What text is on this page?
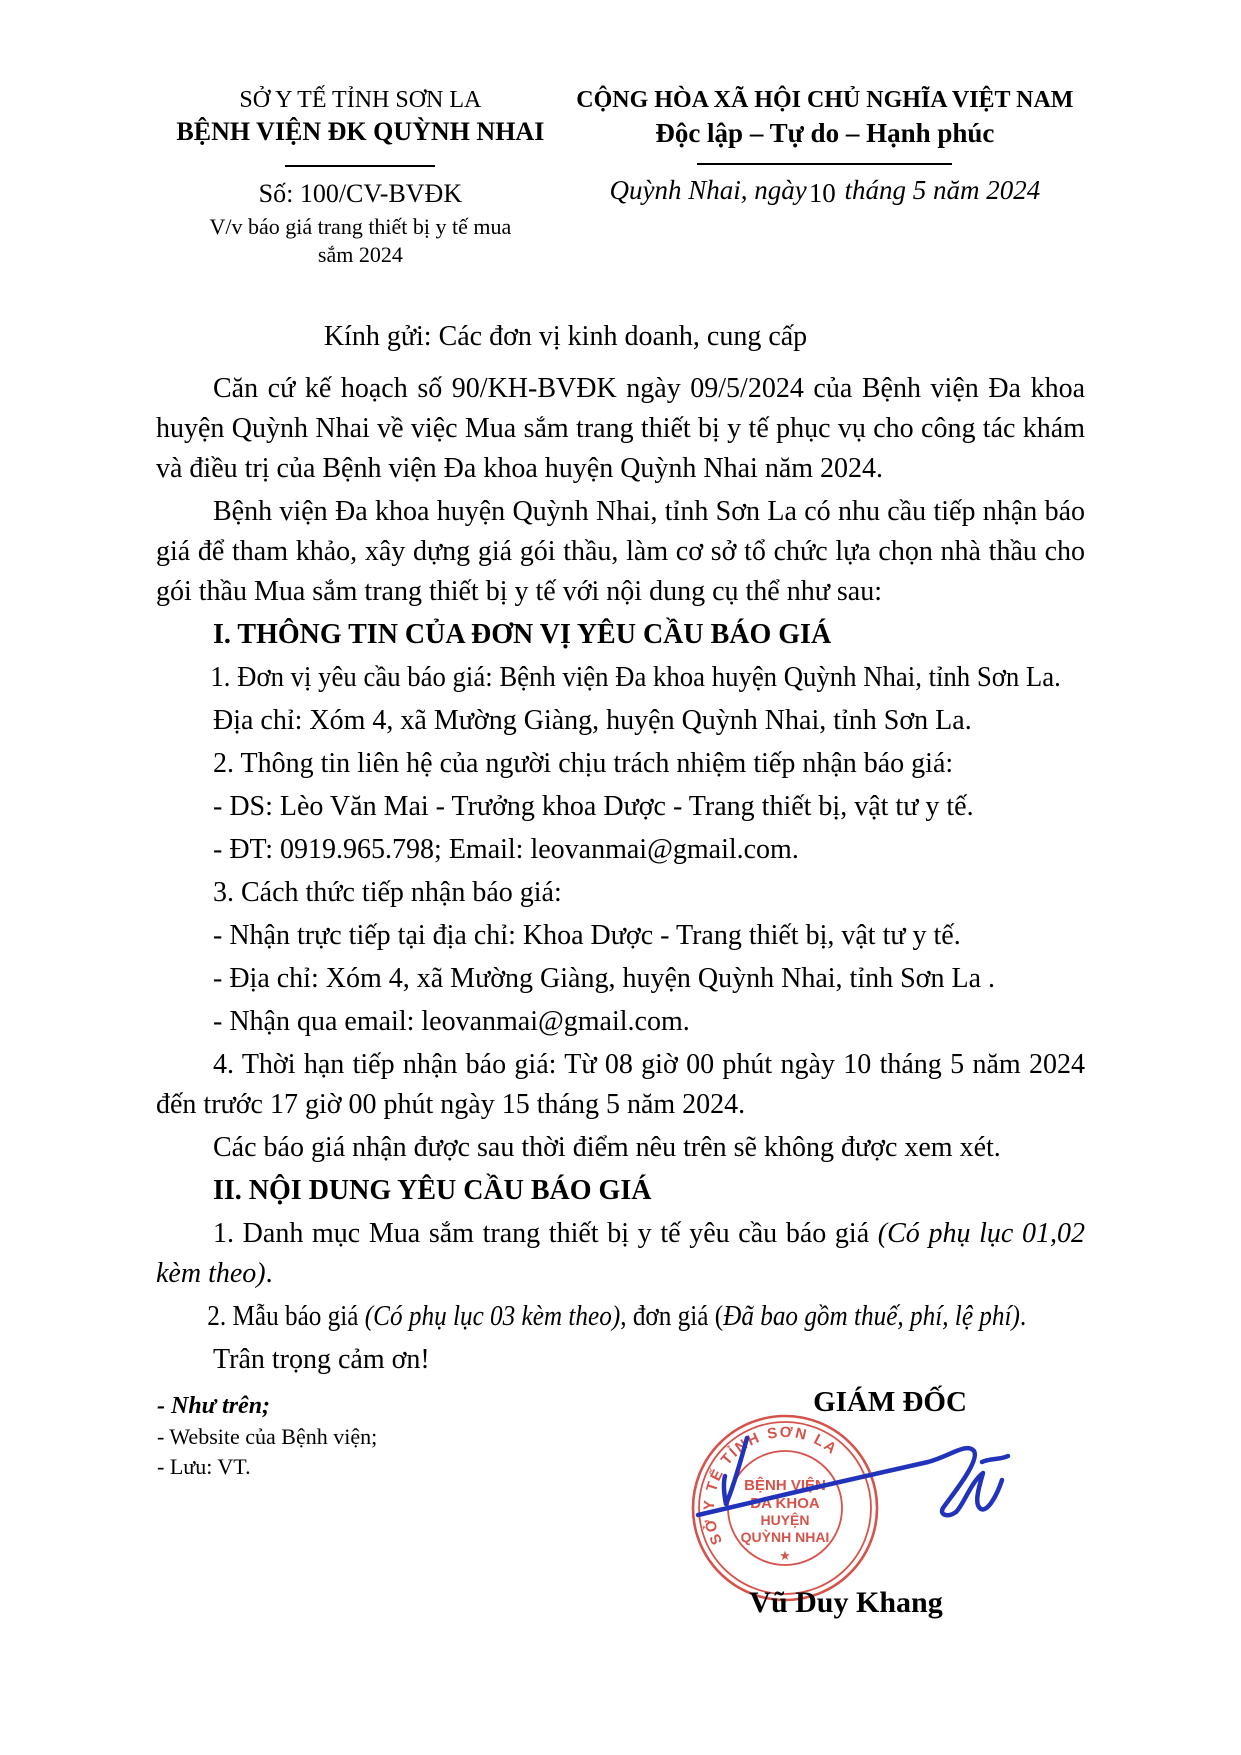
SỞ Y TẾ TỈNH SƠN LA
BỆNH VIỆN ĐK QUỲNH NHAI
Số: 100/CV-BVĐK
V/v báo giá trang thiết bị y tế mua sắm 2024
CỘNG HÒA XÃ HỘI CHỦ NGHĨA VIỆT NAM
Độc lập – Tự do – Hạnh phúc
Quỳnh Nhai, ngày10 tháng 5 năm 2024
Kính gửi: Các đơn vị kinh doanh, cung cấp

Căn cứ kế hoạch số 90/KH-BVĐK ngày 09/5/2024 của Bệnh viện Đa khoa huyện Quỳnh Nhai về việc Mua sắm trang thiết bị y tế phục vụ cho công tác khám và điều trị của Bệnh viện Đa khoa huyện Quỳnh Nhai năm 2024.

Bệnh viện Đa khoa huyện Quỳnh Nhai, tỉnh Sơn La có nhu cầu tiếp nhận báo giá để tham khảo, xây dựng giá gói thầu, làm cơ sở tổ chức lựa chọn nhà thầu cho gói thầu Mua sắm trang thiết bị y tế với nội dung cụ thể như sau:

I. THÔNG TIN CỦA ĐƠN VỊ YÊU CẦU BÁO GIÁ

1. Đơn vị yêu cầu báo giá: Bệnh viện Đa khoa huyện Quỳnh Nhai, tỉnh Sơn La.

Địa chỉ: Xóm 4, xã Mường Giàng, huyện Quỳnh Nhai, tỉnh Sơn La.

2. Thông tin liên hệ của người chịu trách nhiệm tiếp nhận báo giá:

- DS: Lèo Văn Mai - Trưởng khoa Dược - Trang thiết bị, vật tư y tế.

- ĐT: 0919.965.798; Email: leovanmai@gmail.com.

3. Cách thức tiếp nhận báo giá:

- Nhận trực tiếp tại địa chỉ: Khoa Dược - Trang thiết bị, vật tư y tế.

- Địa chỉ: Xóm 4, xã Mường Giàng, huyện Quỳnh Nhai, tỉnh Sơn La .

- Nhận qua email: leovanmai@gmail.com.

4. Thời hạn tiếp nhận báo giá: Từ 08 giờ 00 phút ngày 10 tháng 5 năm 2024 đến trước 17 giờ 00 phút ngày 15 tháng 5 năm 2024.

Các báo giá nhận được sau thời điểm nêu trên sẽ không được xem xét.

II. NỘI DUNG YÊU CẦU BÁO GIÁ

1. Danh mục Mua sắm trang thiết bị y tế yêu cầu báo giá (Có phụ lục 01,02 kèm theo).

2. Mẫu báo giá (Có phụ lục 03 kèm theo), đơn giá (Đã bao gồm thuế, phí, lệ phí).

Trân trọng cảm ơn!

- Như trên;
- Website của Bệnh viện;
- Lưu: VT.
GIÁM ĐỐC
SỞ Y TẾ TỈNH SƠN LA
BỆNH VIỆN
ĐA KHOA
HUYỆN
QUỲNH NHAI
★
Vũ Duy Khang
